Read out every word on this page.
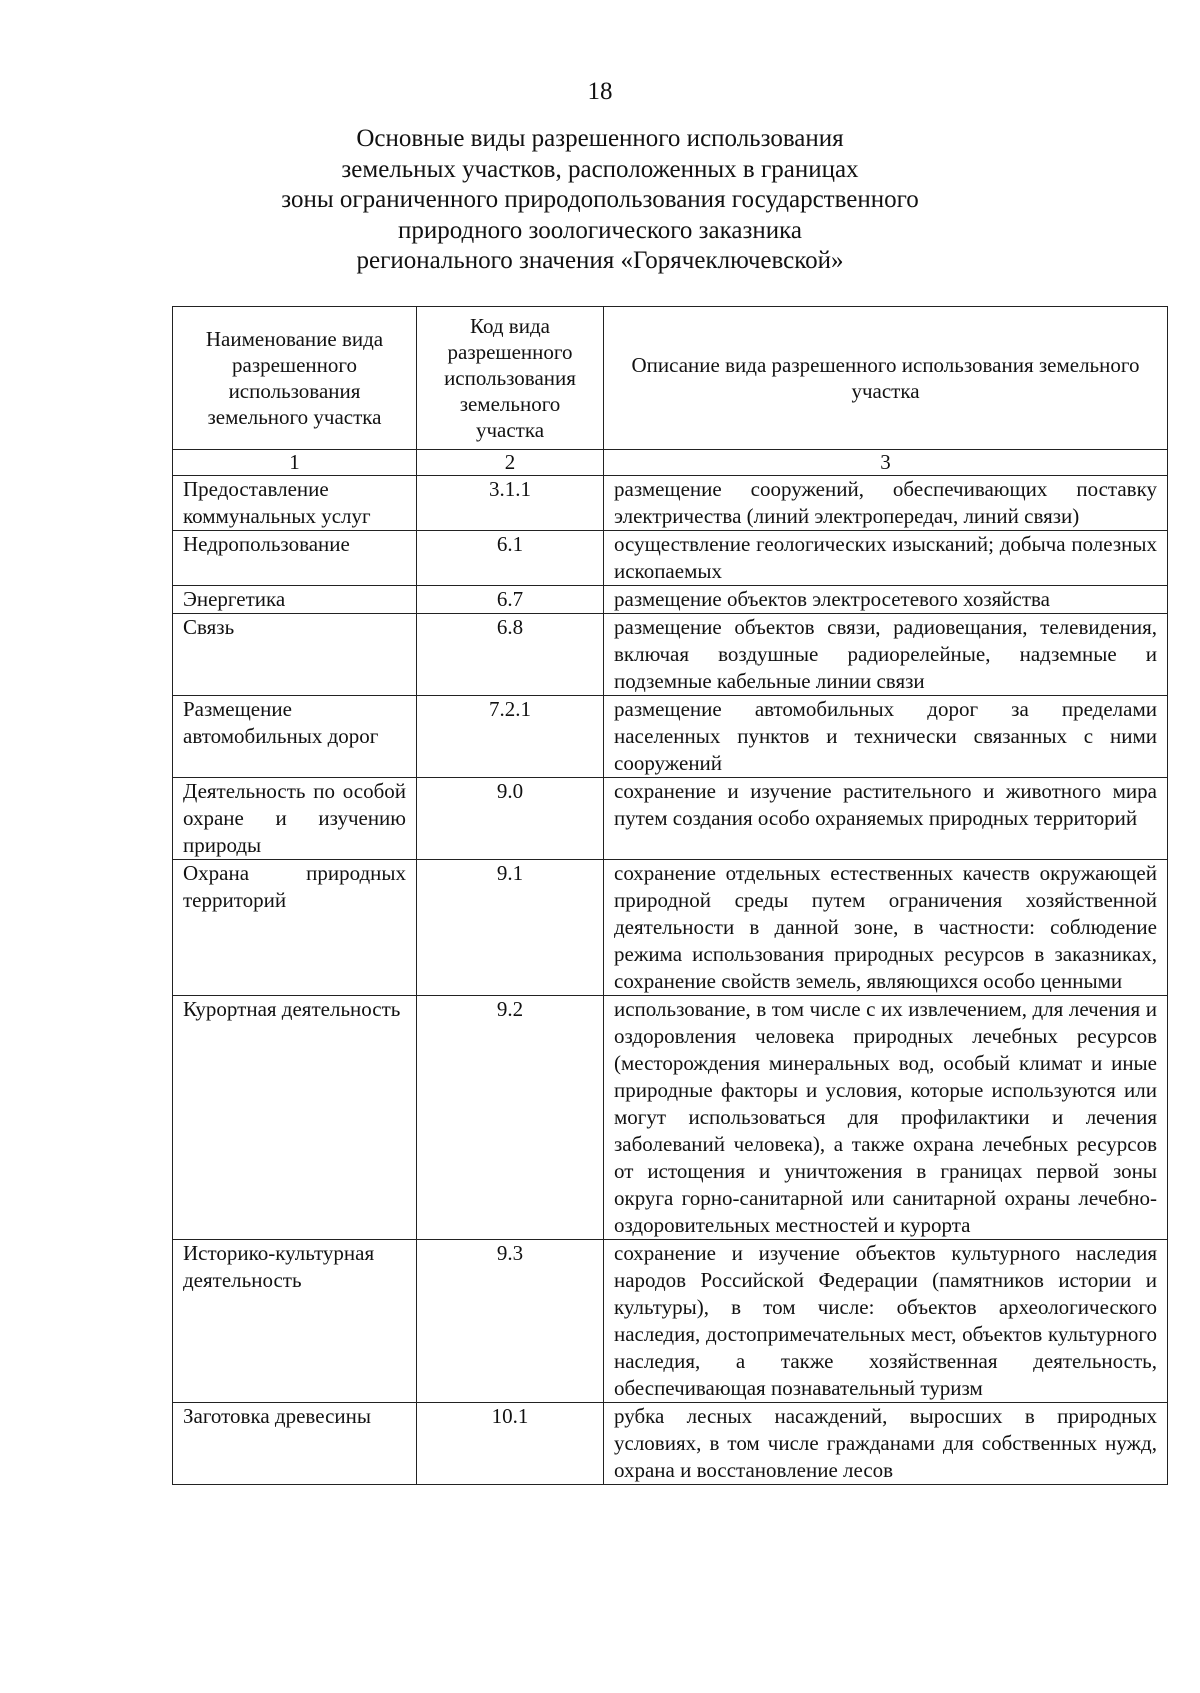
18
Основные виды разрешенного использования
земельных участков, расположенных в границах
зоны ограниченного природопользования государственного
природного зоологического заказника
регионального значения «Горячеключевской»
Наименование вида разрешенного использования земельного участка	Код вида разрешенного использования земельного участка	Описание вида разрешенного использования земельного участка
1	2	3
Предоставление коммунальных услуг	3.1.1	размещение сооружений, обеспечивающих поставку электричества (линий электропередач, линий связи)
Недропользование	6.1	осуществление геологических изысканий; добыча полезных ископаемых
Энергетика	6.7	размещение объектов электросетевого хозяйства
Связь	6.8	размещение объектов связи, радиовещания, телевидения, включая воздушные радиорелейные, надземные и подземные кабельные линии связи
Размещение автомобильных дорог	7.2.1	размещение автомобильных дорог за пределами населенных пунктов и технически связанных с ними сооружений
Деятельность по особой охране и изучению природы	9.0	сохранение и изучение растительного и животного мира путем создания особо охраняемых природных территорий
Охрана природных территорий	9.1	сохранение отдельных естественных качеств окружающей природной среды путем ограничения хозяйственной деятельности в данной зоне, в частности: соблюдение режима использования природных ресурсов в заказниках, сохранение свойств земель, являющихся особо ценными
Курортная деятельность	9.2	использование, в том числе с их извлечением, для лечения и оздоровления человека природных лечебных ресурсов (месторождения минеральных вод, особый климат и иные природные факторы и условия, которые используются или могут использоваться для профилактики и лечения заболеваний человека), а также охрана лечебных ресурсов от истощения и уничтожения в границах первой зоны округа горно-санитарной или санитарной охраны лечебно-оздоровительных местностей и курорта
Историко-культурная деятельность	9.3	сохранение и изучение объектов культурного наследия народов Российской Федерации (памятников истории и культуры), в том числе: объектов археологического наследия, достопримечательных мест, объектов культурного наследия, а также хозяйственная деятельность, обеспечивающая познавательный туризм
Заготовка древесины	10.1	рубка лесных насаждений, выросших в природных условиях, в том числе гражданами для собственных нужд, охрана и восстановление лесов
